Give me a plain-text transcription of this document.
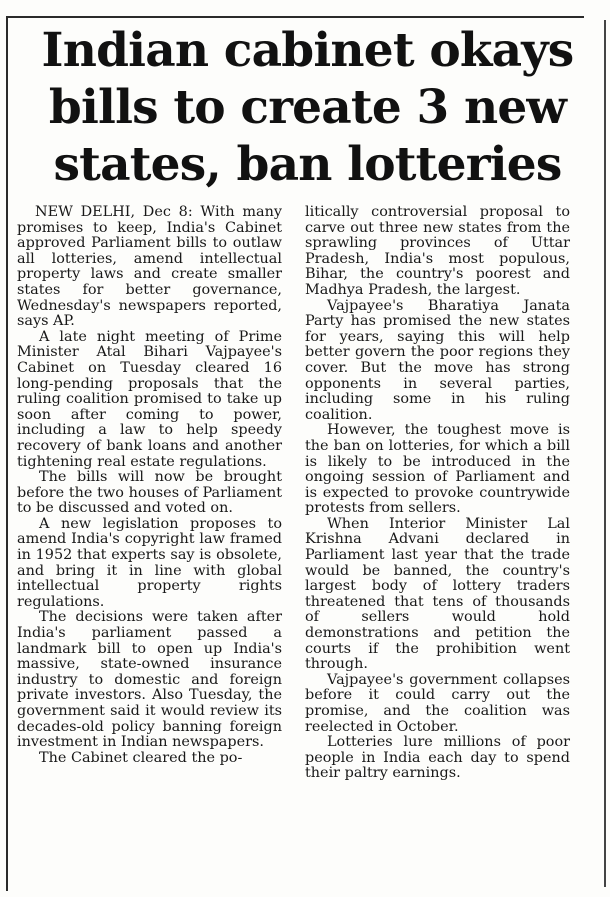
Indian cabinet okays
bills to create 3 new
states, ban lotteries

NEW DELHI, Dec 8: With many promises to keep, India's Cabinet approved Parliament bills to outlaw all lotteries, amend intellectual property laws and create smaller states for better governance, Wednesday's newspapers reported, says AP.

A late night meeting of Prime Minister Atal Bihari Vajpayee's Cabinet on Tuesday cleared 16 long-pending proposals that the ruling coalition promised to take up soon after coming to power, including a law to help speedy recovery of bank loans and another tightening real estate regulations.

The bills will now be brought before the two houses of Parliament to be discussed and voted on.

A new legislation proposes to amend India's copyright law framed in 1952 that experts say is obsolete, and bring it in line with global intellectual property rights regulations.

The decisions were taken after India's parliament passed a landmark bill to open up India's massive, state-owned insurance industry to domestic and foreign private investors. Also Tuesday, the government said it would review its decades-old policy banning foreign investment in Indian newspapers.

The Cabinet cleared the po-

litically controversial proposal to carve out three new states from the sprawling provinces of Uttar Pradesh, India's most populous, Bihar, the country's poorest and Madhya Pradesh, the largest.

Vajpayee's Bharatiya Janata Party has promised the new states for years, saying this will help better govern the poor regions they cover. But the move has strong opponents in several parties, including some in his ruling coalition.

However, the toughest move is the ban on lotteries, for which a bill is likely to be introduced in the ongoing session of Parliament and is expected to provoke countrywide protests from sellers.

When Interior Minister Lal Krishna Advani declared in Parliament last year that the trade would be banned, the country's largest body of lottery traders threatened that tens of thousands of sellers would hold demonstrations and petition the courts if the prohibition went through.

Vajpayee's government collapses before it could carry out the promise, and the coalition was reelected in October.

Lotteries lure millions of poor people in India each day to spend their paltry earnings.
